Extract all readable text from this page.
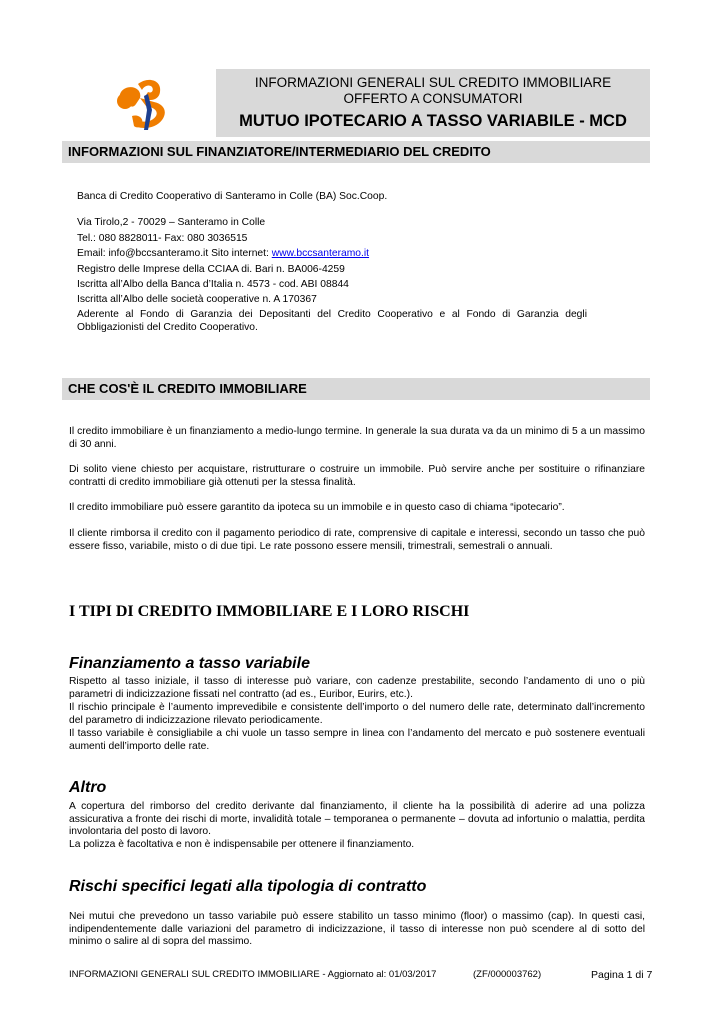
INFORMAZIONI GENERALI SUL CREDITO IMMOBILIARE
OFFERTO A CONSUMATORI
MUTUO IPOTECARIO A TASSO VARIABILE - MCD
INFORMAZIONI SUL FINANZIATORE/INTERMEDIARIO DEL CREDITO
Banca di Credito Cooperativo di Santeramo in Colle (BA) Soc.Coop.
Via Tirolo,2 - 70029 – Santeramo in Colle
Tel.: 080 8828011- Fax: 080 3036515
Email: info@bccsanteramo.it Sito internet: www.bccsanteramo.it
Registro delle Imprese della CCIAA di. Bari n. BA006-4259
Iscritta all’Albo della Banca d’Italia n. 4573 - cod. ABI 08844
Iscritta all’Albo delle società cooperative n. A 170367
Aderente al Fondo di Garanzia dei Depositanti del Credito Cooperativo e al Fondo di Garanzia degli Obbligazionisti del Credito Cooperativo.
CHE COS'È IL CREDITO IMMOBILIARE
Il credito immobiliare è un finanziamento a medio-lungo termine. In generale la sua durata va da un minimo di 5 a un massimo di 30 anni.
Di solito viene chiesto per acquistare, ristrutturare o costruire un immobile. Può servire anche per sostituire o rifinanziare contratti di credito immobiliare già ottenuti per la stessa finalità.
Il credito immobiliare può essere garantito da ipoteca su un immobile e in questo caso di chiama “ipotecario”.
Il cliente rimborsa il credito con il pagamento periodico di rate, comprensive di capitale e interessi, secondo un tasso che può essere fisso, variabile, misto o di due tipi. Le rate possono essere mensili, trimestrali, semestrali o annuali.
I TIPI DI CREDITO IMMOBILIARE E I LORO RISCHI
Finanziamento a tasso variabile
Rispetto al tasso iniziale, il tasso di interesse può variare, con cadenze prestabilite, secondo l’andamento di uno o più parametri di indicizzazione fissati nel contratto (ad es., Euribor, Eurirs, etc.).
Il rischio principale è l’aumento imprevedibile e consistente dell’importo o del numero delle rate, determinato dall’incremento del parametro di indicizzazione rilevato periodicamente.
Il tasso variabile è consigliabile a chi vuole un tasso sempre in linea con l’andamento del mercato e può sostenere eventuali aumenti dell’importo delle rate.
Altro
A copertura del rimborso del credito derivante dal finanziamento, il cliente ha la possibilità di aderire ad una polizza assicurativa a fronte dei rischi di morte, invalidità totale – temporanea o permanente – dovuta ad infortunio o malattia, perdita involontaria del posto di lavoro.
La polizza è facoltativa e non è indispensabile per ottenere il finanziamento.
Rischi specifici legati alla tipologia di contratto
Nei mutui che prevedono un tasso variabile può essere stabilito un tasso minimo (floor) o massimo (cap). In questi casi, indipendentemente dalle variazioni del parametro di indicizzazione, il tasso di interesse non può scendere al di sotto del minimo o salire al di sopra del massimo.
INFORMAZIONI GENERALI SUL CREDITO IMMOBILIARE - Aggiornato al: 01/03/2017	(ZF/000003762)	Pagina 1 di 7
